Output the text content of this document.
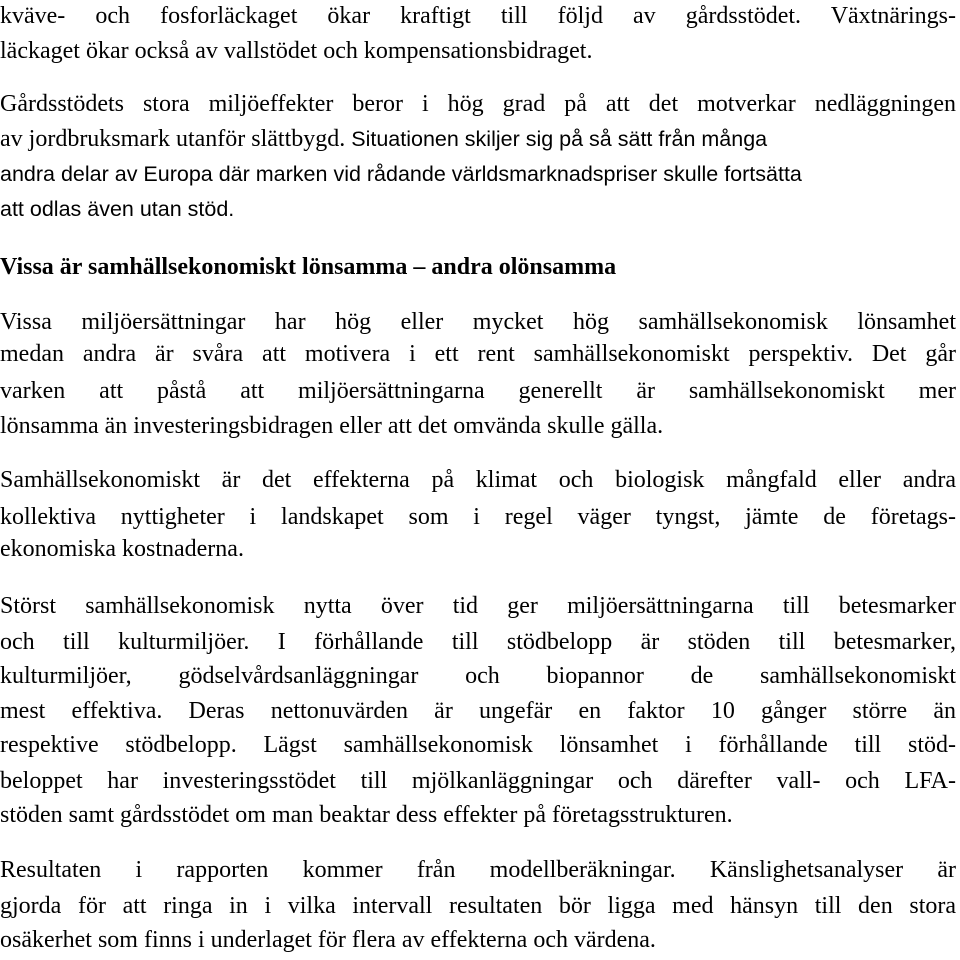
kväve- och fosforläckaget ökar kraftigt till följd av gårdsstödet. Växtnärings-
läckaget ökar också av vallstödet och kompensationsbidraget.
Gårdsstödets stora miljöeffekter beror i hög grad på att det motverkar nedläggningen
av jordbruksmark utanför slättbygd. Situationen skiljer sig på så sätt från många
andra delar av Europa där marken vid rådande världsmarknadspriser skulle fortsätta
att odlas även utan stöd.
Vissa är samhällsekonomiskt lönsamma – andra olönsamma
Vissa miljöersättningar har hög eller mycket hög samhällsekonomisk lönsamhet
medan andra är svåra att motivera i ett rent samhällsekonomiskt perspektiv. Det går
varken att påstå att miljöersättningarna generellt är samhällsekonomiskt mer
lönsamma än investeringsbidragen eller att det omvända skulle gälla.
Samhällsekonomiskt är det effekterna på klimat och biologisk mångfald eller andra
kollektiva nyttigheter i landskapet som i regel väger tyngst, jämte de företags-
ekonomiska kostnaderna.
Störst samhällsekonomisk nytta över tid ger miljöersättningarna till betesmarker
och till kulturmiljöer. I förhållande till stödbelopp är stöden till betesmarker,
kulturmiljöer, gödselvårdsanläggningar och biopannor de samhällsekonomiskt
mest effektiva. Deras nettonuvärden är ungefär en faktor 10 gånger större än
respektive stödbelopp. Lägst samhällsekonomisk lönsamhet i förhållande till stöd-
beloppet har investeringsstödet till mjölkanläggningar och därefter vall- och LFA-
stöden samt gårdsstödet om man beaktar dess effekter på företagsstrukturen.
Resultaten i rapporten kommer från modellberäkningar. Känslighetsanalyser är
gjorda för att ringa in i vilka intervall resultaten bör ligga med hänsyn till den stora
osäkerhet som finns i underlaget för flera av effekterna och värdena.
